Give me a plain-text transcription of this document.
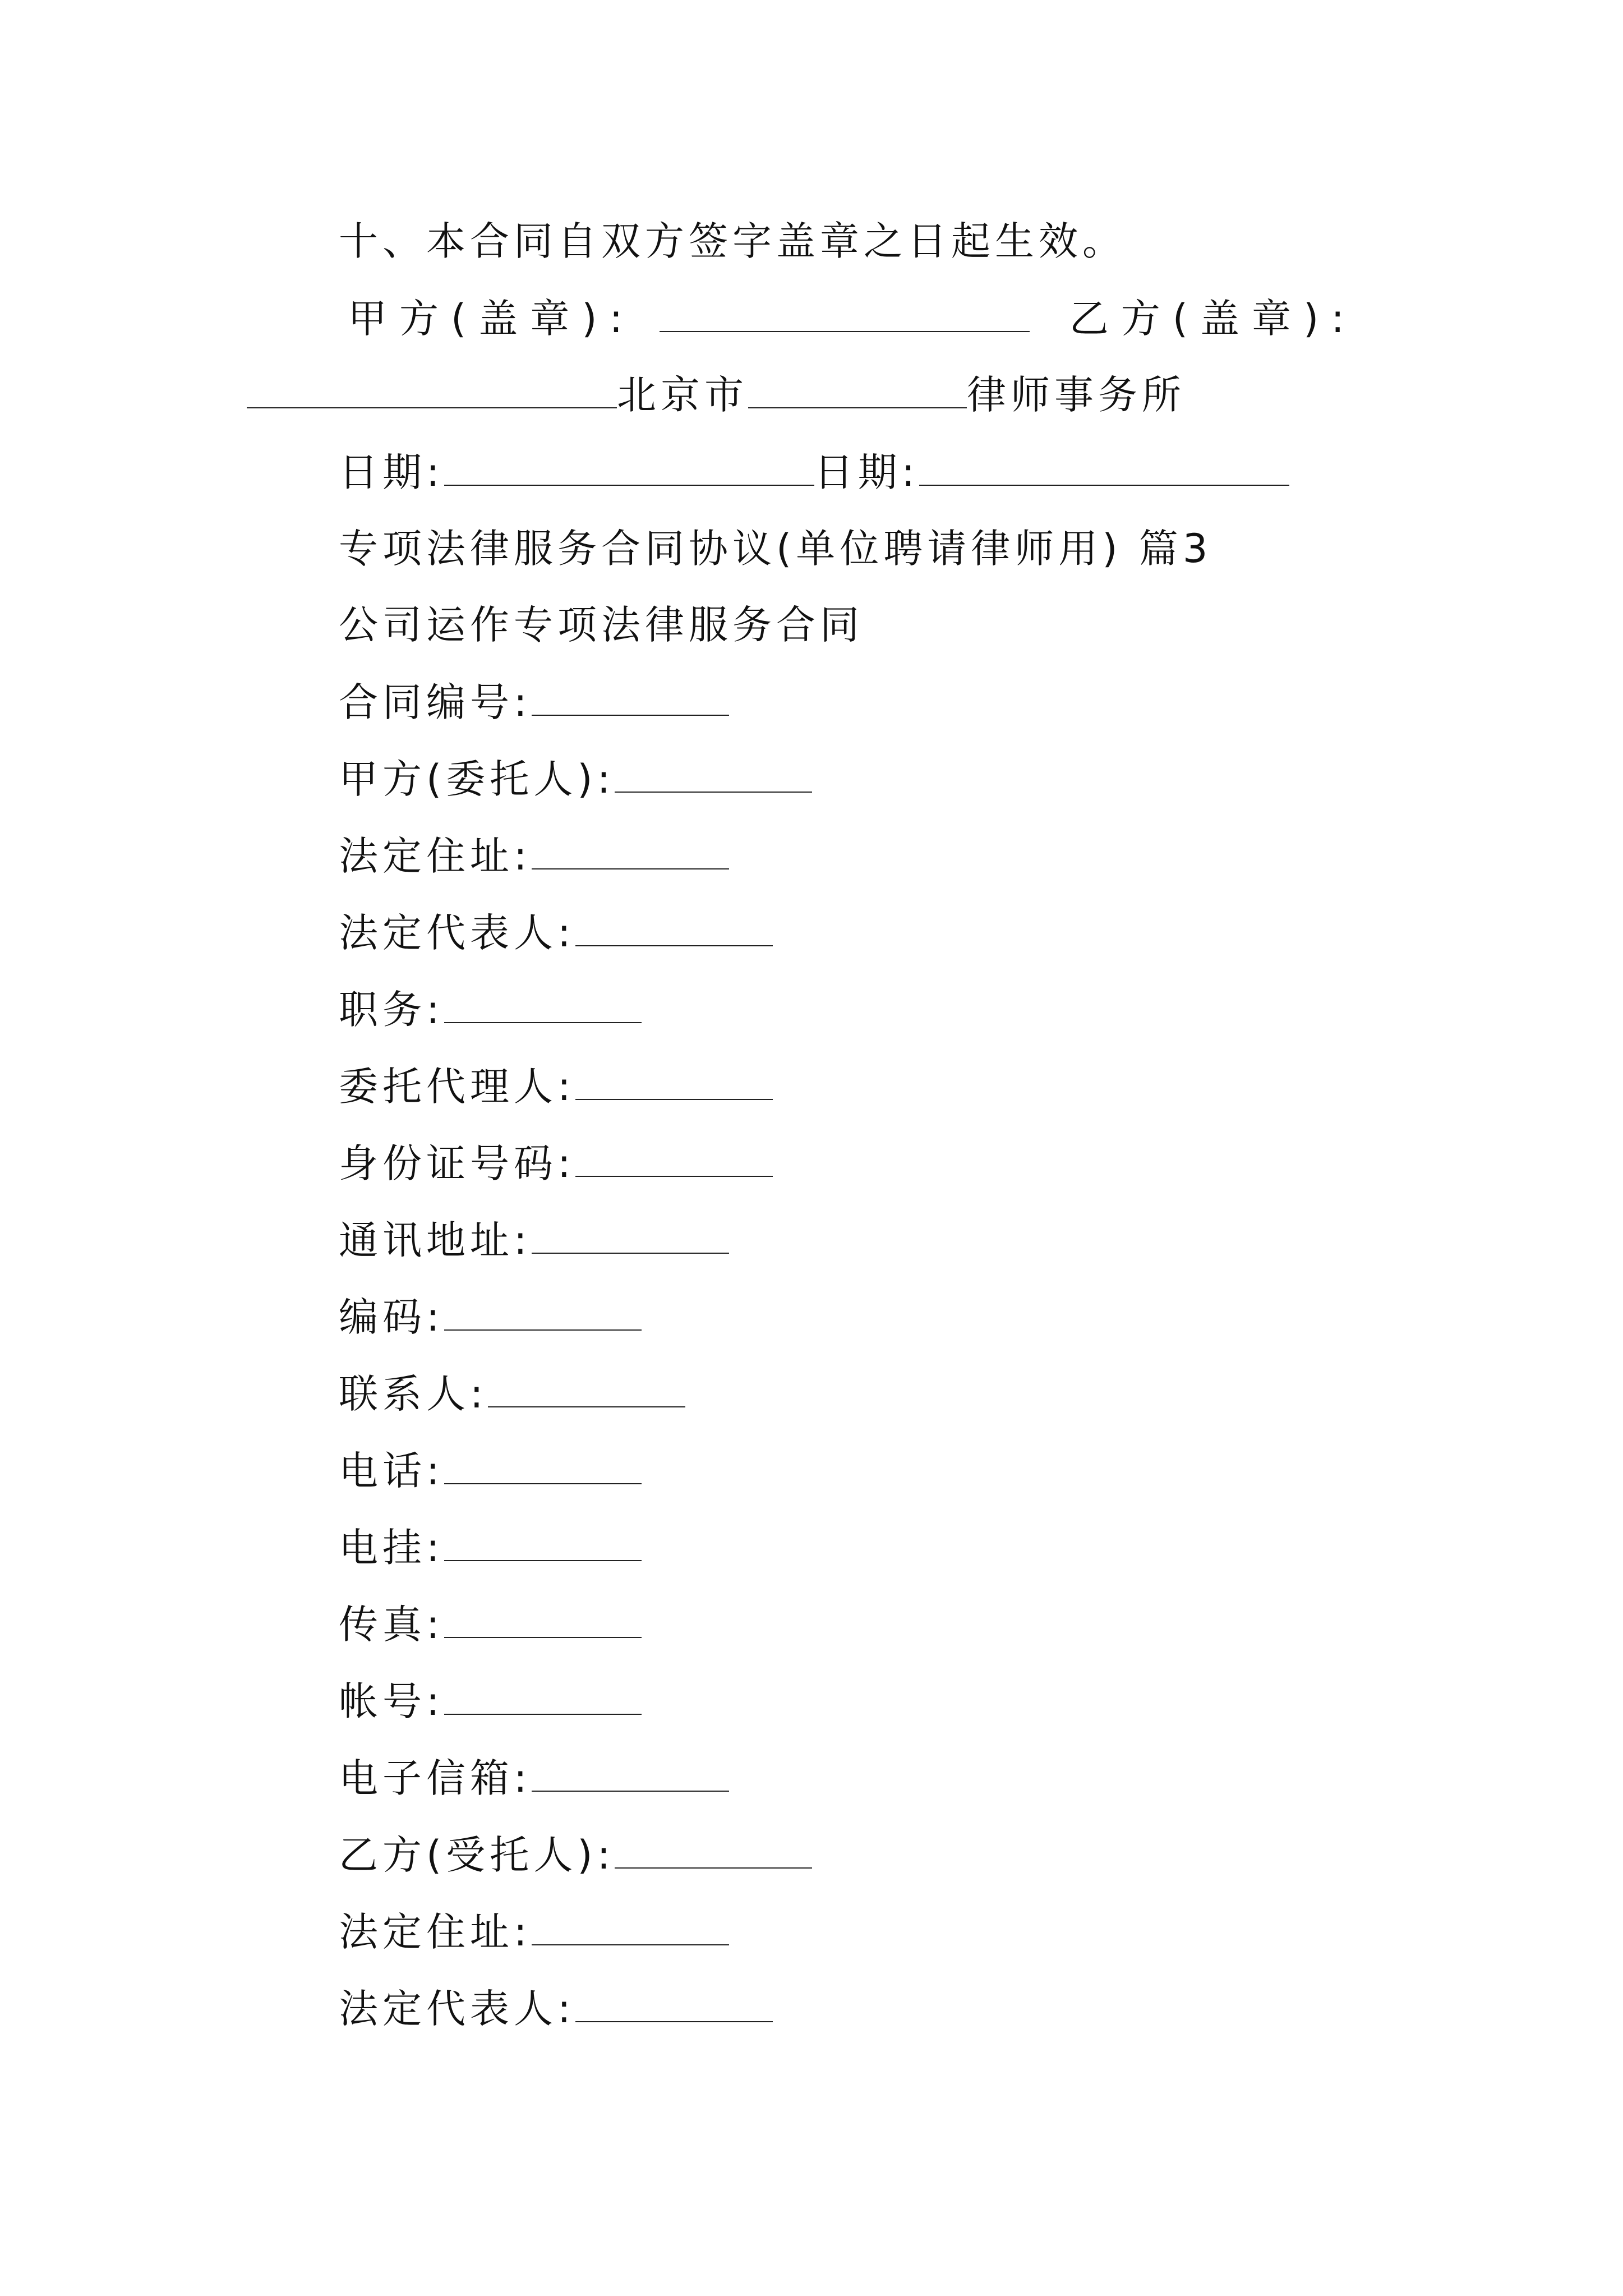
十、本合同自双方签字盖章之日起生效。
甲方(盖章):	乙方(盖章):
北京市	律师事务所
日期:	日期:
专项法律服务合同协议(单位聘请律师用) 篇3
公司运作专项法律服务合同
合同编号:
甲方(委托人):
法定住址:
法定代表人:
职务:
委托代理人:
身份证号码:
通讯地址:
编码:
联系人:
电话:
电挂:
传真:
帐号:
电子信箱:
乙方(受托人):
法定住址:
法定代表人:
